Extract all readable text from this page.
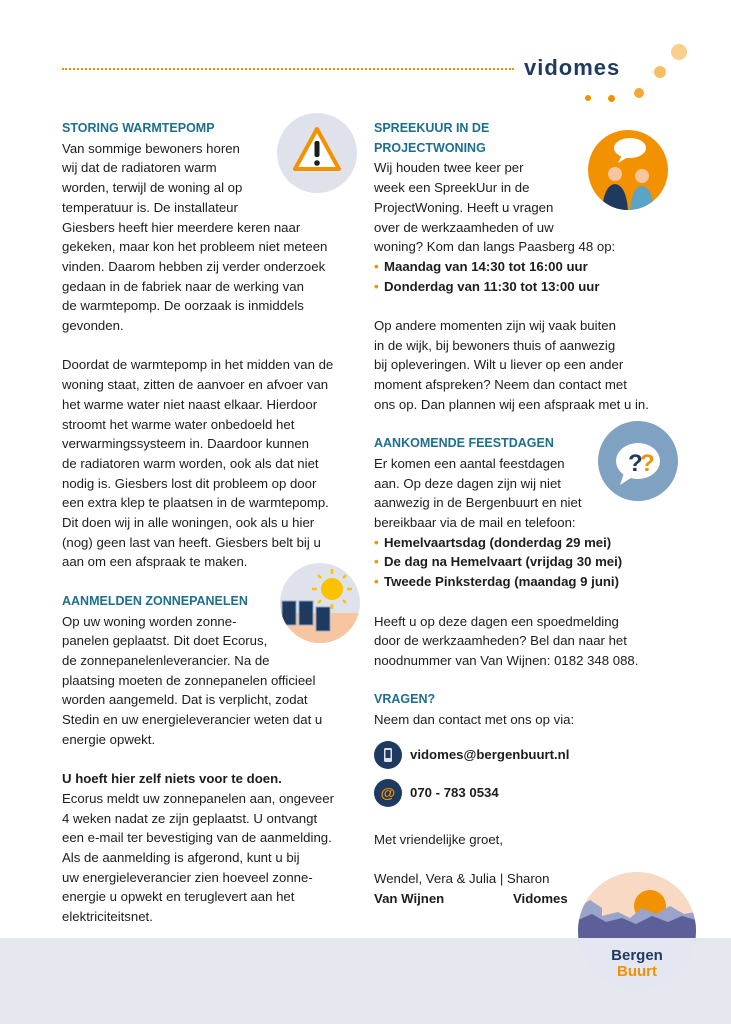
vidomes
STORING WARMTEPOMP
Van sommige bewoners horen
wij dat de radiatoren warm
worden, terwijl de woning al op
temperatuur is. De installateur
Giesbers heeft hier meerdere keren naar
gekeken, maar kon het probleem niet meteen
vinden. Daarom hebben zij verder onderzoek
gedaan in de fabriek naar de werking van
de warmtepomp. De oorzaak is inmiddels
gevonden.
Doordat de warmtepomp in het midden van de
woning staat, zitten de aanvoer en afvoer van
het warme water niet naast elkaar. Hierdoor
stroomt het warme water onbedoeld het
verwarmingssysteem in. Daardoor kunnen
de radiatoren warm worden, ook als dat niet
nodig is. Giesbers lost dit probleem op door
een extra klep te plaatsen in de warmtepomp.
Dit doen wij in alle woningen, ook als u hier
(nog) geen last van heeft. Giesbers belt bij u
aan om een afspraak te maken.
AANMELDEN ZONNEPANELEN
Op uw woning worden zonne-
panelen geplaatst. Dit doet Ecorus,
de zonnepanelenleverancier. Na de
plaatsing moeten de zonnepanelen officieel
worden aangemeld. Dat is verplicht, zodat
Stedin en uw energieleverancier weten dat u
energie opwekt.
U hoeft hier zelf niets voor te doen.
Ecorus meldt uw zonnepanelen aan, ongeveer
4 weken nadat ze zijn geplaatst. U ontvangt
een e-mail ter bevestiging van de aanmelding.
Als de aanmelding is afgerond, kunt u bij
uw energieleverancier zien hoeveel zonne-
energie u opwekt en teruglevert aan het
elektriciteitsnet.
SPREEKUUR IN DE
PROJECTWONING
Wij houden twee keer per
week een SpreekUur in de
ProjectWoning. Heeft u vragen
over de werkzaamheden of uw
woning? Kom dan langs Paasberg 48 op:
• Maandag van 14:30 tot 16:00 uur
• Donderdag van 11:30 tot 13:00 uur
Op andere momenten zijn wij vaak buiten
in de wijk, bij bewoners thuis of aanwezig
bij opleveringen. Wilt u liever op een ander
moment afspreken? Neem dan contact met
ons op. Dan plannen wij een afspraak met u in.
AANKOMENDE FEESTDAGEN
Er komen een aantal feestdagen
aan. Op deze dagen zijn wij niet
aanwezig in de Bergenbuurt en niet
bereikbaar via de mail en telefoon:
• Hemelvaartsdag (donderdag 29 mei)
• De dag na Hemelvaart (vrijdag 30 mei)
• Tweede Pinksterdag (maandag 9 juni)
Heeft u op deze dagen een spoedmelding
door de werkzaamheden? Bel dan naar het
noodnummer van Van Wijnen: 0182 348 088.
VRAGEN?
Neem dan contact met ons op via:
vidomes@bergenbuurt.nl
@ 070 - 783 0534
Met vriendelijke groet,
Wendel, Vera & Julia | Sharon
Van Wijnen	Vidomes
?
?
Bergen
Buurt
